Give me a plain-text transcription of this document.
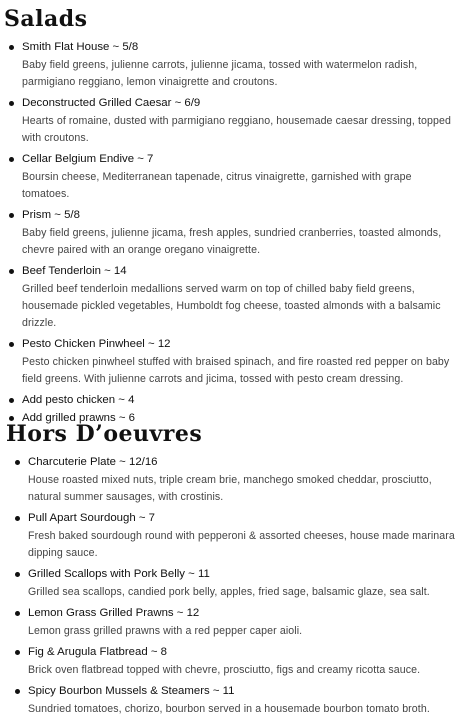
Salads
Smith Flat House ~ 5/8
Baby field greens, julienne carrots, julienne jicama, tossed with watermelon radish, parmigiano reggiano, lemon vinaigrette and croutons.
Deconstructed Grilled Caesar ~ 6/9
Hearts of romaine, dusted with parmigiano reggiano, housemade caesar dressing, topped with croutons.
Cellar Belgium Endive ~ 7
Boursin cheese, Mediterranean tapenade, citrus vinaigrette, garnished with grape tomatoes.
Prism ~ 5/8
Baby field greens, julienne jicama, fresh apples, sundried cranberries, toasted almonds, chevre paired with an orange oregano vinaigrette.
Beef Tenderloin ~ 14
Grilled beef tenderloin medallions served warm on top of chilled baby field greens, housemade pickled vegetables, Humboldt fog cheese, toasted almonds with a balsamic drizzle.
Pesto Chicken Pinwheel ~ 12
Pesto chicken pinwheel stuffed with braised spinach, and fire roasted red pepper on baby field greens. With julienne carrots and jicima, tossed with pesto cream dressing.
Add pesto chicken ~ 4
Add grilled prawns ~ 6
Hors D’oeuvres
Charcuterie Plate ~ 12/16
House roasted mixed nuts, triple cream brie, manchego smoked cheddar, prosciutto, natural summer sausages, with crostinis.
Pull Apart Sourdough ~ 7
Fresh baked sourdough round with pepperoni & assorted cheeses, house made marinara dipping sauce.
Grilled Scallops with Pork Belly ~ 11
Grilled sea scallops, candied pork belly, apples, fried sage, balsamic glaze, sea salt.
Lemon Grass Grilled Prawns ~ 12
Lemon grass grilled prawns with a red pepper caper aioli.
Fig & Arugula Flatbread ~ 8
Brick oven flatbread topped with chevre, prosciutto, figs and creamy ricotta sauce.
Spicy Bourbon Mussels & Steamers ~ 11
Sundried tomatoes, chorizo, bourbon served in a housemade bourbon tomato broth.
